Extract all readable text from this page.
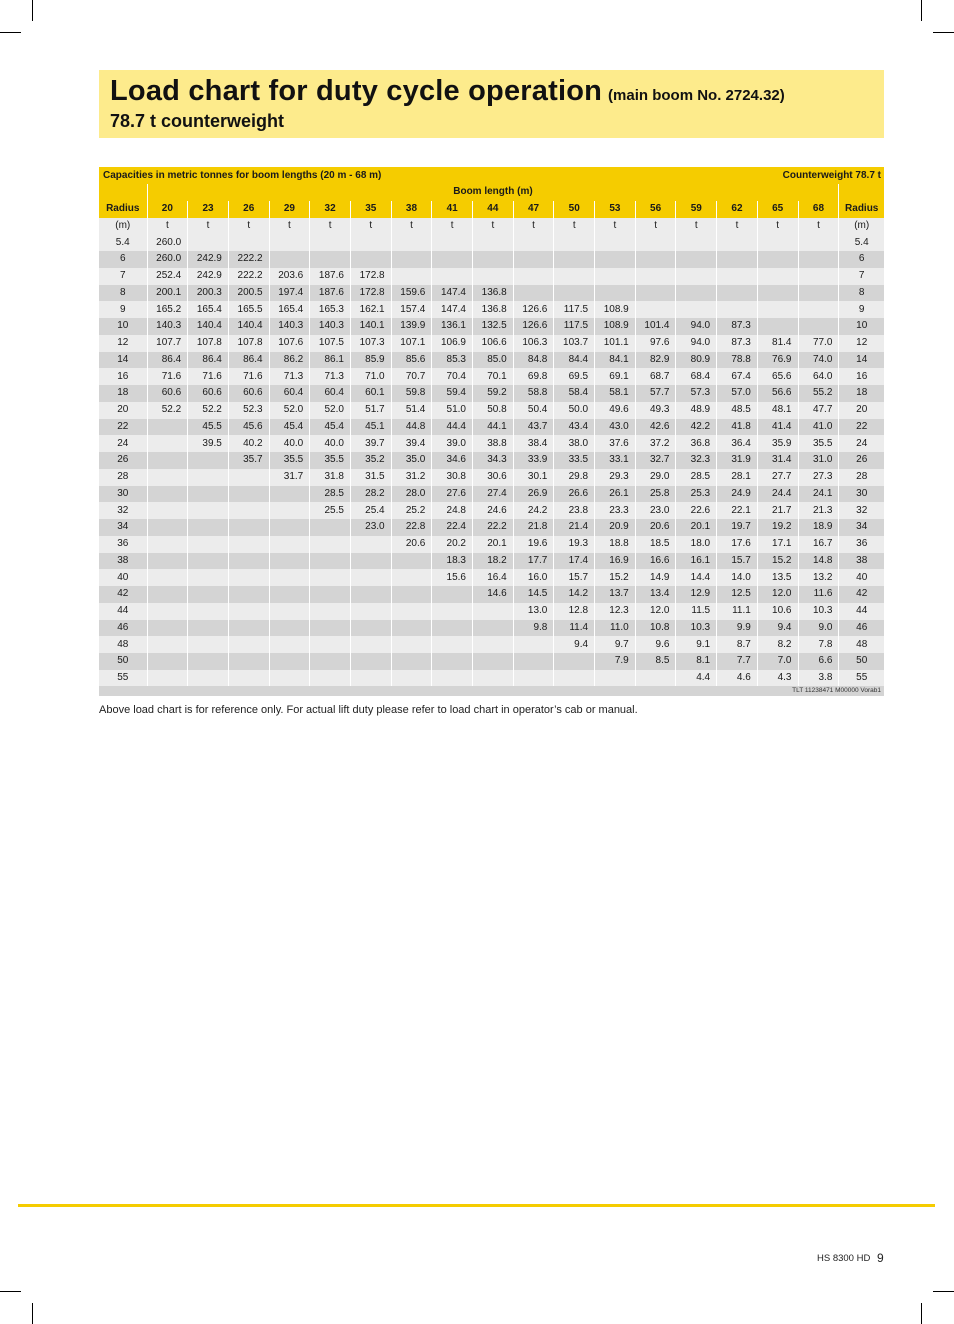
Load chart for duty cycle operation (main boom No. 2724.32)
78.7 t counterweight
Capacities in metric tonnes for boom lengths (20 m - 68 m)	Counterweight 78.7 t
	Boom length (m)																	
Radius	20	23	26	29	32	35	38	41	44	47	50	53	56	59	62	65	68	Radius
(m)	t	t	t	t	t	t	t	t	t	t	t	t	t	t	t	t	t	(m)
5.4	260.0																	5.4
6	260.0	242.9	222.2															6
7	252.4	242.9	222.2	203.6	187.6	172.8												7
8	200.1	200.3	200.5	197.4	187.6	172.8	159.6	147.4	136.8									8
9	165.2	165.4	165.5	165.4	165.3	162.1	157.4	147.4	136.8	126.6	117.5	108.9						9
10	140.3	140.4	140.4	140.3	140.3	140.1	139.9	136.1	132.5	126.6	117.5	108.9	101.4	94.0	87.3			10
12	107.7	107.8	107.8	107.6	107.5	107.3	107.1	106.9	106.6	106.3	103.7	101.1	97.6	94.0	87.3	81.4	77.0	12
14	86.4	86.4	86.4	86.2	86.1	85.9	85.6	85.3	85.0	84.8	84.4	84.1	82.9	80.9	78.8	76.9	74.0	14
16	71.6	71.6	71.6	71.3	71.3	71.0	70.7	70.4	70.1	69.8	69.5	69.1	68.7	68.4	67.4	65.6	64.0	16
18	60.6	60.6	60.6	60.4	60.4	60.1	59.8	59.4	59.2	58.8	58.4	58.1	57.7	57.3	57.0	56.6	55.2	18
20	52.2	52.2	52.3	52.0	52.0	51.7	51.4	51.0	50.8	50.4	50.0	49.6	49.3	48.9	48.5	48.1	47.7	20
22		45.5	45.6	45.4	45.4	45.1	44.8	44.4	44.1	43.7	43.4	43.0	42.6	42.2	41.8	41.4	41.0	22
24		39.5	40.2	40.0	40.0	39.7	39.4	39.0	38.8	38.4	38.0	37.6	37.2	36.8	36.4	35.9	35.5	24
26			35.7	35.5	35.5	35.2	35.0	34.6	34.3	33.9	33.5	33.1	32.7	32.3	31.9	31.4	31.0	26
28				31.7	31.8	31.5	31.2	30.8	30.6	30.1	29.8	29.3	29.0	28.5	28.1	27.7	27.3	28
30					28.5	28.2	28.0	27.6	27.4	26.9	26.6	26.1	25.8	25.3	24.9	24.4	24.1	30
32					25.5	25.4	25.2	24.8	24.6	24.2	23.8	23.3	23.0	22.6	22.1	21.7	21.3	32
34						23.0	22.8	22.4	22.2	21.8	21.4	20.9	20.6	20.1	19.7	19.2	18.9	34
36							20.6	20.2	20.1	19.6	19.3	18.8	18.5	18.0	17.6	17.1	16.7	36
38								18.3	18.2	17.7	17.4	16.9	16.6	16.1	15.7	15.2	14.8	38
40								15.6	16.4	16.0	15.7	15.2	14.9	14.4	14.0	13.5	13.2	40
42									14.6	14.5	14.2	13.7	13.4	12.9	12.5	12.0	11.6	42
44										13.0	12.8	12.3	12.0	11.5	11.1	10.6	10.3	44
46										9.8	11.4	11.0	10.8	10.3	9.9	9.4	9.0	46
48											9.4	9.7	9.6	9.1	8.7	8.2	7.8	48
50												7.9	8.5	8.1	7.7	7.0	6.6	50
55														4.4	4.6	4.3	3.8	55
TLT 11238471 M00000 Vorab1
Above load chart is for reference only. For actual lift duty please refer to load chart in operator’s cab or manual.
HS 8300 HD 9
